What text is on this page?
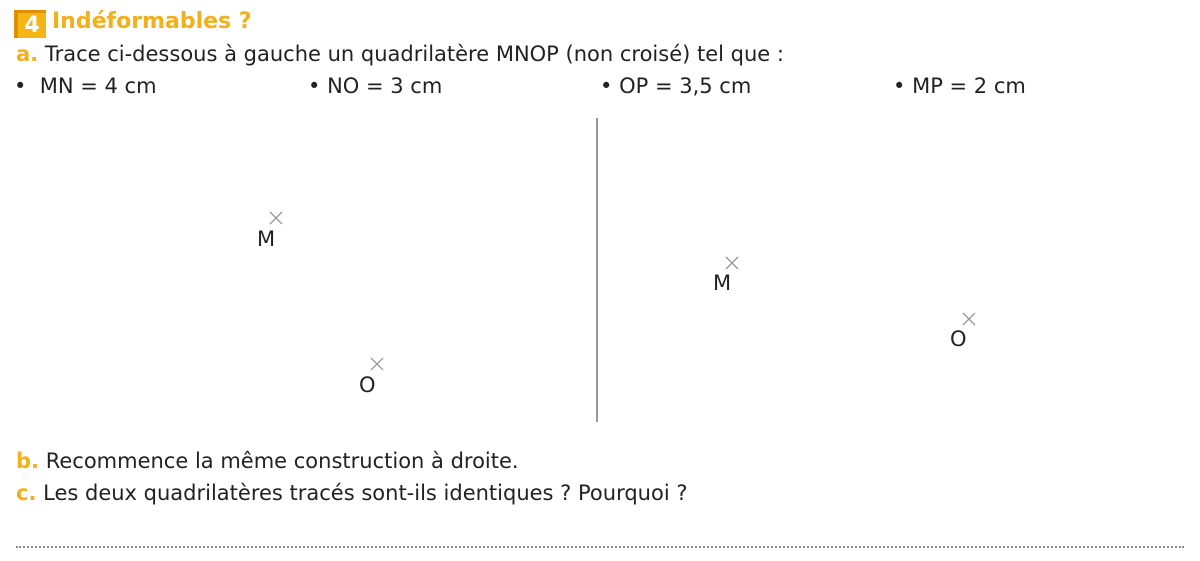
4 Indéformables ?
a. Trace ci-dessous à gauche un quadrilatère MNOP (non croisé) tel que :
• MN = 4 cm	• NO = 3 cm	• OP = 3,5 cm	• MP = 2 cm
M
O
M
O
b. Recommence la même construction à droite.
c. Les deux quadrilatères tracés sont-ils identiques ? Pourquoi ?
